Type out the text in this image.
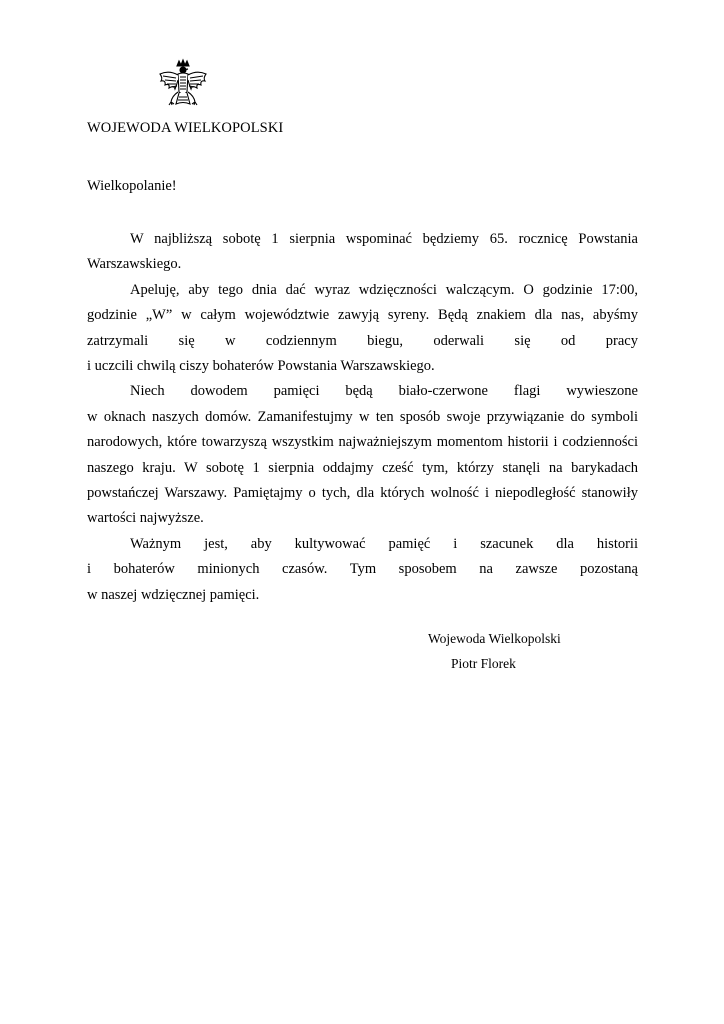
WOJEWODA WIELKOPOLSKI
Wielkopolanie!

W najbliższą sobotę 1 sierpnia wspominać będziemy 65. rocznicę Powstania
Warszawskiego.

Apeluję, aby tego dnia dać wyraz wdzięczności walczącym. O godzinie 17:00,
godzinie „W” w całym województwie zawyją syreny. Będą znakiem dla nas, abyśmy
zatrzymali się w codziennym biegu, oderwali się od pracy
i uczcili chwilą ciszy bohaterów Powstania Warszawskiego.

Niech dowodem pamięci będą biało-czerwone flagi wywieszone
w oknach naszych domów. Zamanifestujmy w ten sposób swoje przywiązanie do symboli
narodowych, które towarzyszą wszystkim najważniejszym momentom historii i codzienności
naszego kraju. W sobotę 1 sierpnia oddajmy cześć tym, którzy stanęli na barykadach
powstańczej Warszawy. Pamiętajmy o tych, dla których wolność i niepodległość stanowiły
wartości najwyższe.

Ważnym jest, aby kultywować pamięć i szacunek dla historii
i bohaterów minionych czasów. Tym sposobem na zawsze pozostaną
w naszej wdzięcznej pamięci.

Wojewoda Wielkopolski
Piotr Florek
